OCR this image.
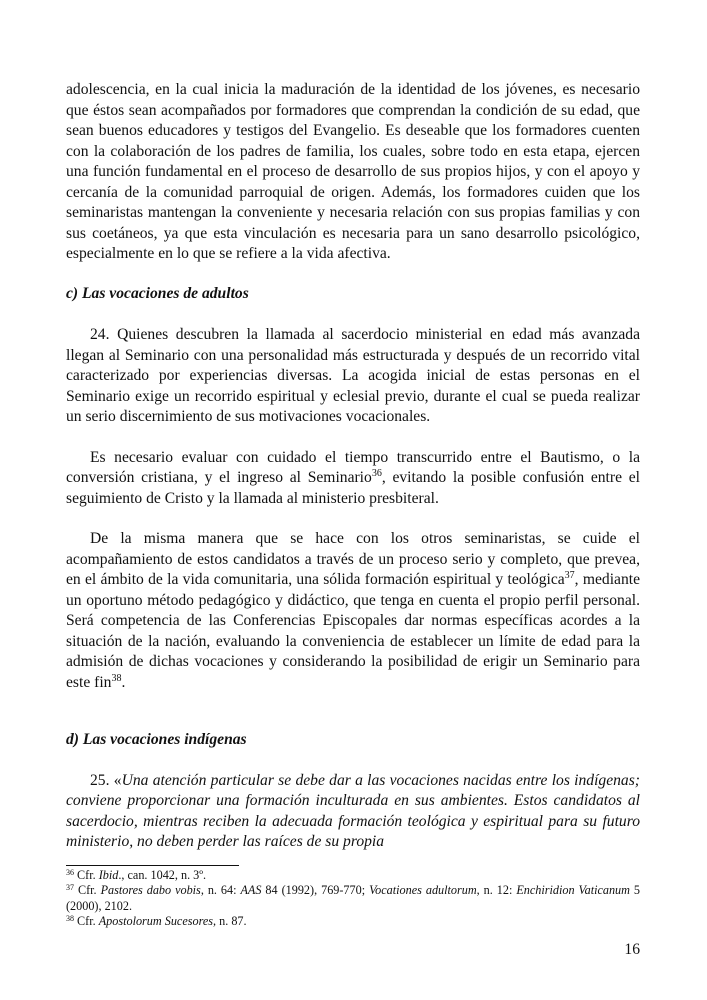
adolescencia, en la cual inicia la maduración de la identidad de los jóvenes, es necesario que éstos sean acompañados por formadores que comprendan la condición de su edad, que sean buenos educadores y testigos del Evangelio. Es deseable que los formadores cuenten con la colaboración de los padres de familia, los cuales, sobre todo en esta etapa, ejercen una función fundamental en el proceso de desarrollo de sus propios hijos, y con el apoyo y cercanía de la comunidad parroquial de origen. Además, los formadores cuiden que los seminaristas mantengan la conveniente y necesaria relación con sus propias familias y con sus coetáneos, ya que esta vinculación es necesaria para un sano desarrollo psicológico, especialmente en lo que se refiere a la vida afectiva.

c) Las vocaciones de adultos

24. Quienes descubren la llamada al sacerdocio ministerial en edad más avanzada llegan al Seminario con una personalidad más estructurada y después de un recorrido vital caracterizado por experiencias diversas. La acogida inicial de estas personas en el Seminario exige un recorrido espiritual y eclesial previo, durante el cual se pueda realizar un serio discernimiento de sus motivaciones vocacionales.

Es necesario evaluar con cuidado el tiempo transcurrido entre el Bautismo, o la conversión cristiana, y el ingreso al Seminario$^{36}$, evitando la posible confusión entre el seguimiento de Cristo y la llamada al ministerio presbiteral.

De la misma manera que se hace con los otros seminaristas, se cuide el acompañamiento de estos candidatos a través de un proceso serio y completo, que prevea, en el ámbito de la vida comunitaria, una sólida formación espiritual y teológica$^{37}$, mediante un oportuno método pedagógico y didáctico, que tenga en cuenta el propio perfil personal. Será competencia de las Conferencias Episcopales dar normas específicas acordes a la situación de la nación, evaluando la conveniencia de establecer un límite de edad para la admisión de dichas vocaciones y considerando la posibilidad de erigir un Seminario para este fin$^{38}$.

d) Las vocaciones indígenas

25. «Una atención particular se debe dar a las vocaciones nacidas entre los indígenas; conviene proporcionar una formación inculturada en sus ambientes. Estos candidatos al sacerdocio, mientras reciben la adecuada formación teológica y espiritual para su futuro ministerio, no deben perder las raíces de su propia

$^{36}$ Cfr. Ibid., can. 1042, n. 3º.

$^{37}$ Cfr. Pastores dabo vobis, n. 64: AAS 84 (1992), 769-770; Vocationes adultorum, n. 12: Enchiridion Vaticanum 5 (2000), 2102.

$^{38}$ Cfr. Apostolorum Sucesores, n. 87.

16
